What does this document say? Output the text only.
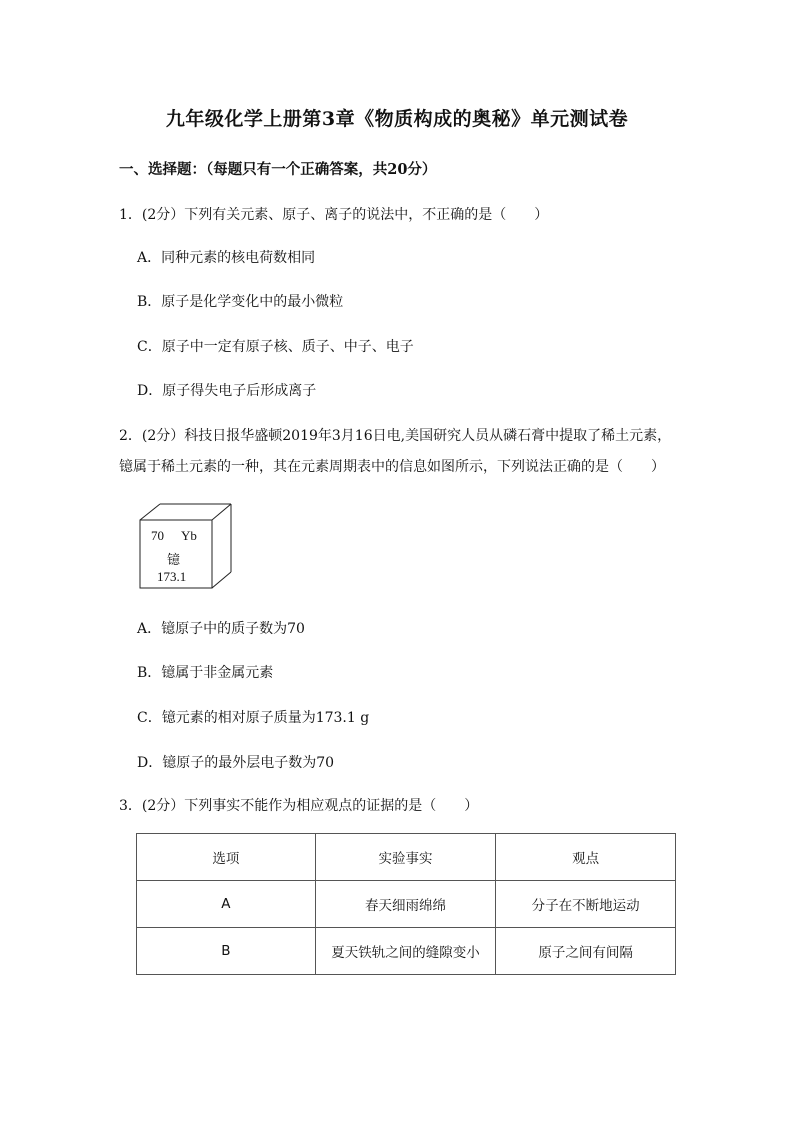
九年级化学上册第3章《物质构成的奥秘》单元测试卷
一、选择题：（每题只有一个正确答案，共20分）
1．(2分）下列有关元素、原子、离子的说法中，不正确的是（　　）
A．同种元素的核电荷数相同
B．原子是化学变化中的最小微粒
C．原子中一定有原子核、质子、中子、电子
D．原子得失电子后形成离子
2．(2分）科技日报华盛顿2019年3月16日电,美国研究人员从磷石膏中提取了稀土元素，
镱属于稀土元素的一种，其在元素周期表中的信息如图所示，下列说法正确的是（　　）
70 Yb
镱
173.1
A．镱原子中的质子数为70
B．镱属于非金属元素
C．镱元素的相对原子质量为173.1 g
D．镱原子的最外层电子数为70
3．(2分）下列事实不能作为相应观点的证据的是（　　）
选项	实验事实	观点
A	春天细雨绵绵	分子在不断地运动
B	夏天铁轨之间的缝隙变小	原子之间有间隔
